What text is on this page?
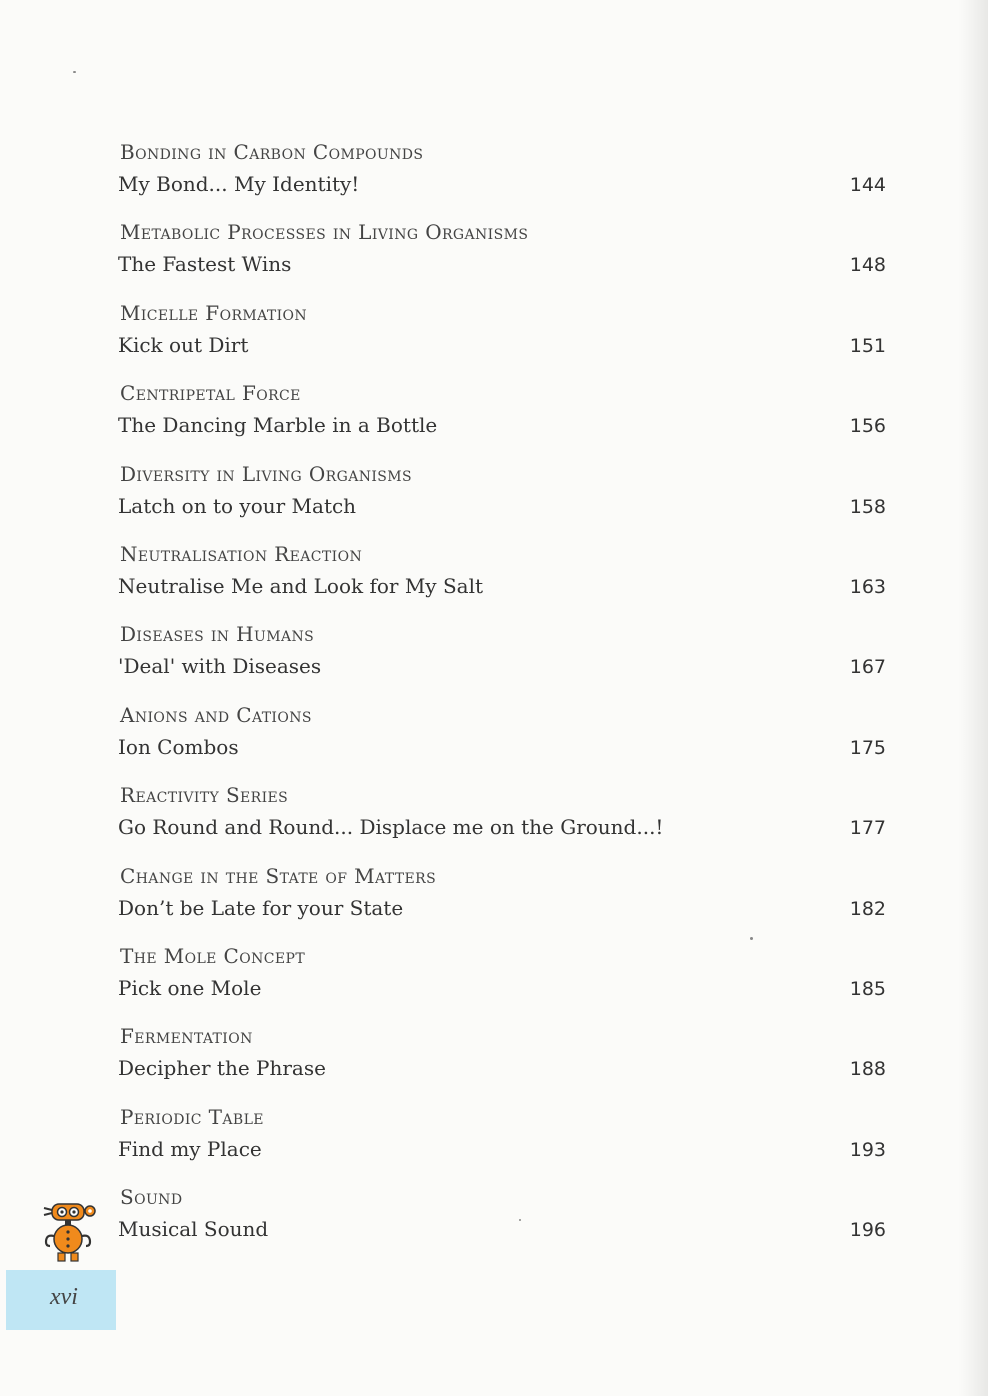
Bonding in Carbon Compounds
My Bond... My Identity!	144
Metabolic Processes in Living Organisms
The Fastest Wins	148
Micelle Formation
Kick out Dirt	151
Centripetal Force
The Dancing Marble in a Bottle	156
Diversity in Living Organisms
Latch on to your Match	158
Neutralisation Reaction
Neutralise Me and Look for My Salt	163
Diseases in Humans
'Deal' with Diseases	167
Anions and Cations
Ion Combos	175
Reactivity Series
Go Round and Round... Displace me on the Ground...!	177
Change in the State of Matters
Don’t be Late for your State	182
The Mole Concept
Pick one Mole	185
Fermentation
Decipher the Phrase	188
Periodic Table
Find my Place	193
Sound
Musical Sound	196
xvi
